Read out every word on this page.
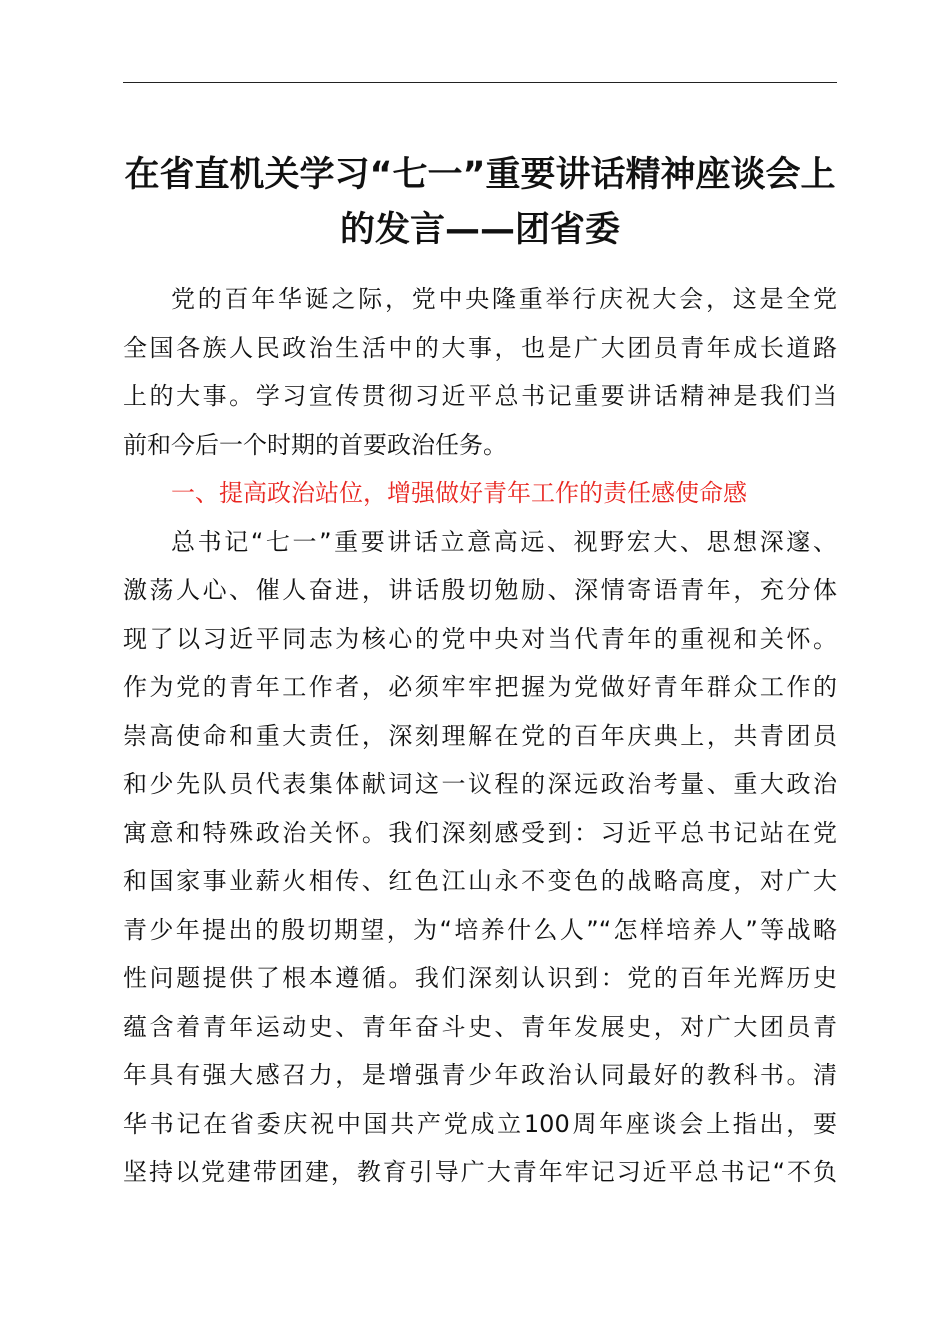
在省直机关学习“七一”重要讲话精神座谈会上
的发言——团省委
党的百年华诞之际，党中央隆重举行庆祝大会，这是全党
全国各族人民政治生活中的大事，也是广大团员青年成长道路
上的大事。学习宣传贯彻习近平总书记重要讲话精神是我们当
前和今后一个时期的首要政治任务。
一、提高政治站位，增强做好青年工作的责任感使命感
总书记“七一”重要讲话立意高远、视野宏大、思想深邃、
激荡人心、催人奋进，讲话殷切勉励、深情寄语青年，充分体
现了以习近平同志为核心的党中央对当代青年的重视和关怀。
作为党的青年工作者，必须牢牢把握为党做好青年群众工作的
崇高使命和重大责任，深刻理解在党的百年庆典上，共青团员
和少先队员代表集体献词这一议程的深远政治考量、重大政治
寓意和特殊政治关怀。我们深刻感受到：习近平总书记站在党
和国家事业薪火相传、红色江山永不变色的战略高度，对广大
青少年提出的殷切期望，为“培养什么人”“怎样培养人”等战略
性问题提供了根本遵循。我们深刻认识到：党的百年光辉历史
蕴含着青年运动史、青年奋斗史、青年发展史，对广大团员青
年具有强大感召力，是增强青少年政治认同最好的教科书。清
华书记在省委庆祝中国共产党成立100周年座谈会上指出，要
坚持以党建带团建，教育引导广大青年牢记习近平总书记“不负
